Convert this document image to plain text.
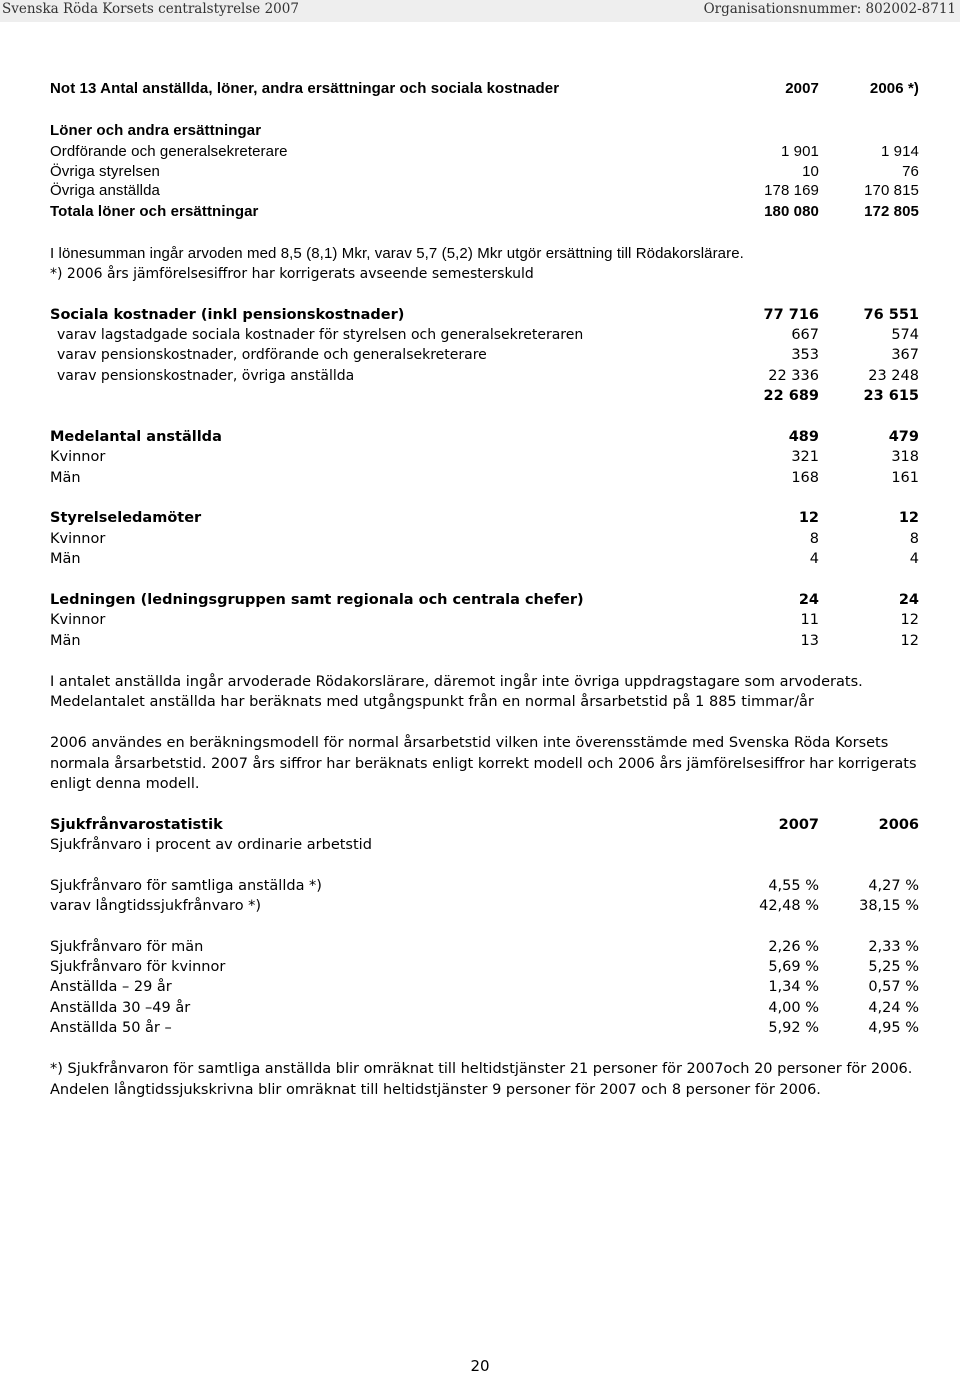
Svenska Röda Korsets centralstyrelse 2007	Organisationsnummer: 802002-8711
Not 13 Antal anställda, löner, andra ersättningar och sociala kostnader	2007	2006 *)
Löner och andra ersättningar
Ordförande och generalsekreterare	1 901	1 914
Övriga styrelsen	10	76
Övriga anställda	178 169	170 815
Totala löner och ersättningar	180 080	172 805
I lönesumman ingår arvoden med 8,5 (8,1) Mkr, varav 5,7 (5,2) Mkr utgör ersättning till Rödakorslärare.
*) 2006 års jämförelsesiffror har korrigerats avseende semesterskuld
Sociala kostnader (inkl pensionskostnader)	77 716	76 551
varav lagstadgade sociala kostnader för styrelsen och generalsekreteraren	667	574
varav pensionskostnader, ordförande och generalsekreterare	353	367
varav pensionskostnader, övriga anställda	22 336	23 248
22 689	23 615
Medelantal anställda	489	479
Kvinnor	321	318
Män	168	161
Styrelseledamöter	12	12
Kvinnor	8	8
Män	4	4
Ledningen (ledningsgruppen samt regionala och centrala chefer)	24	24
Kvinnor	11	12
Män	13	12
I antalet anställda ingår arvoderade Rödakorslärare, däremot ingår inte övriga uppdragstagare som arvoderats.
Medelantalet anställda har beräknats med utgångspunkt från en normal årsarbetstid på 1 885 timmar/år
2006 användes en beräkningsmodell för normal årsarbetstid vilken inte överensstämde med Svenska Röda Korsets normala årsarbetstid. 2007 års siffror har beräknats enligt korrekt modell och 2006 års jämförelsesiffror har korrigerats enligt denna modell.
Sjukfrånvarostatistik	2007	2006
Sjukfrånvaro i procent av ordinarie arbetstid
Sjukfrånvaro för samtliga anställda *)	4,55 %	4,27 %
varav långtidssjukfrånvaro *)	42,48 %	38,15 %
Sjukfrånvaro för män	2,26 %	2,33 %
Sjukfrånvaro för kvinnor	5,69 %	5,25 %
Anställda – 29 år	1,34 %	0,57 %
Anställda 30 –49 år	4,00 %	4,24 %
Anställda 50 år –	5,92 %	4,95 %
*) Sjukfrånvaron för samtliga anställda blir omräknat till heltidstjänster 21 personer för 2007och 20 personer för 2006. Andelen långtidssjukskrivna blir omräknat till heltidstjänster 9 personer för 2007 och 8 personer för 2006.
20
